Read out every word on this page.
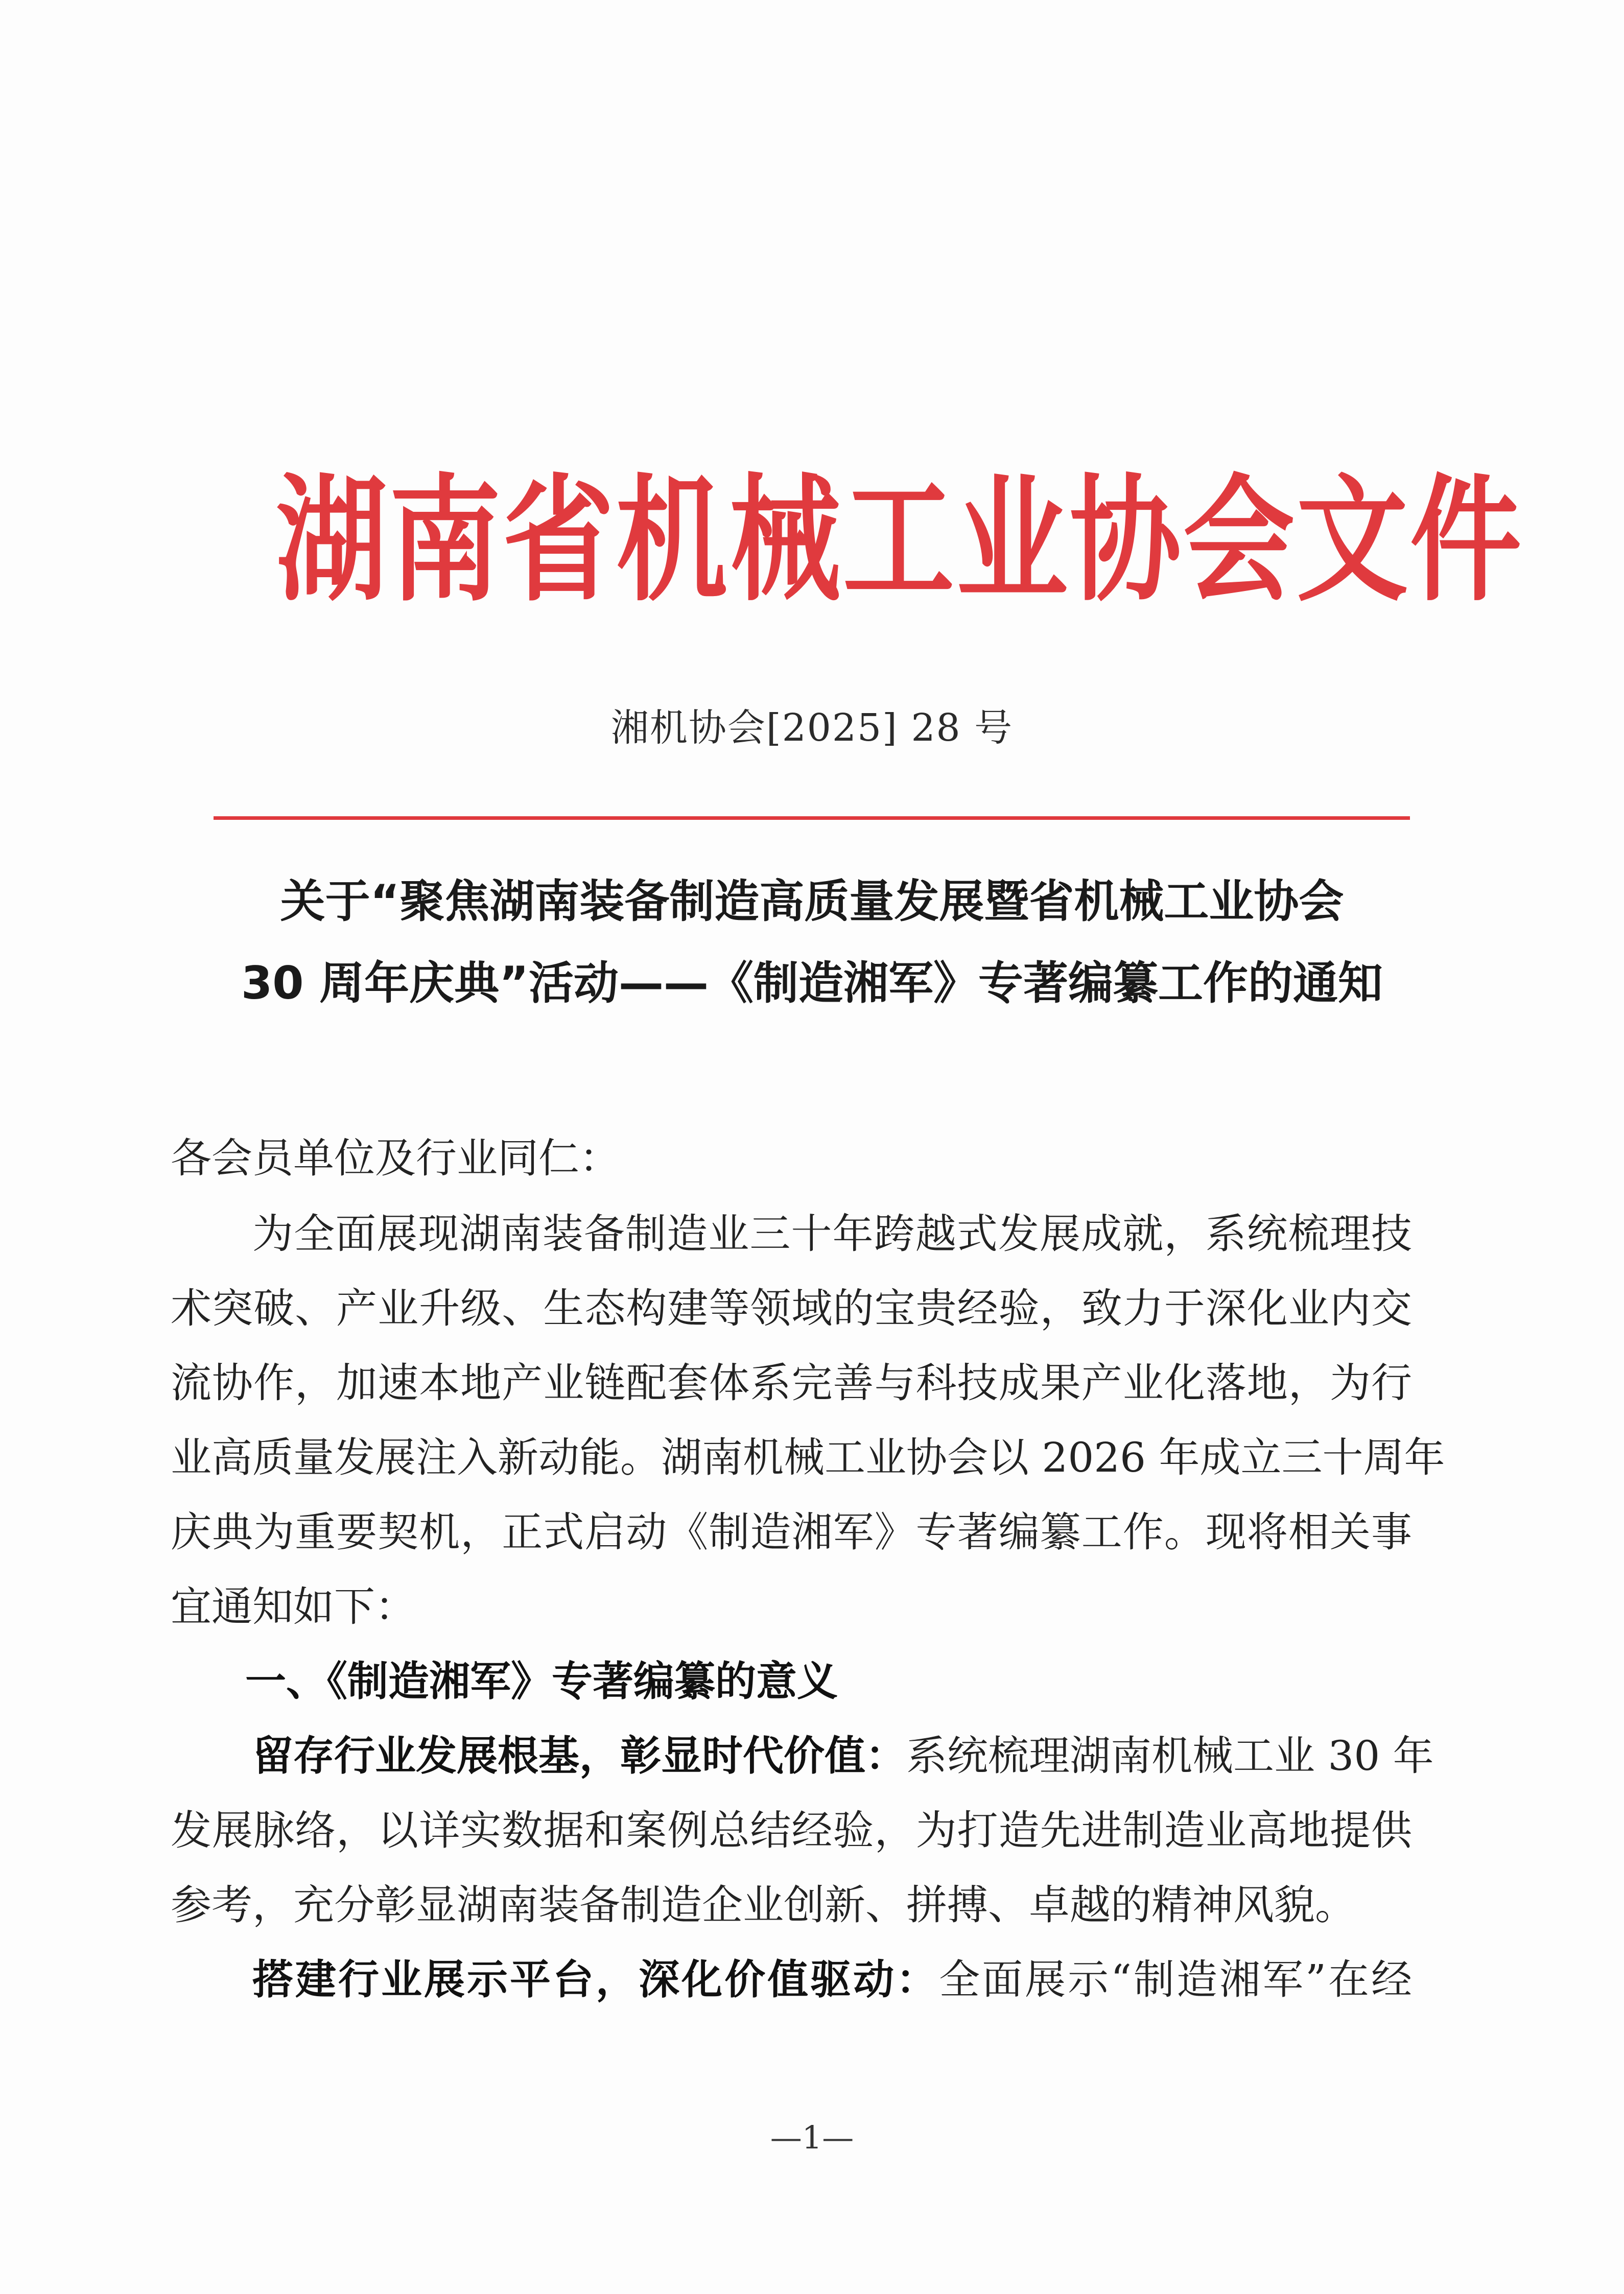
湖南省机械工业协会文件
湘机协会[2025] 28 号
关于“聚焦湖南装备制造高质量发展暨省机械工业协会
30 周年庆典”活动——《制造湘军》专著编纂工作的通知
各会员单位及行业同仁：
为全面展现湖南装备制造业三十年跨越式发展成就，系统梳理技
术突破、产业升级、生态构建等领域的宝贵经验，致力于深化业内交
流协作，加速本地产业链配套体系完善与科技成果产业化落地，为行
业高质量发展注入新动能。湖南机械工业协会以 2026 年成立三十周年
庆典为重要契机，正式启动《制造湘军》专著编纂工作。现将相关事
宜通知如下：
一、《制造湘军》专著编纂的意义
留存行业发展根基，彰显时代价值：系统梳理湖南机械工业 30 年
发展脉络，以详实数据和案例总结经验，为打造先进制造业高地提供
参考，充分彰显湖南装备制造企业创新、拼搏、卓越的精神风貌。
搭建行业展示平台，深化价值驱动：全面展示“制造湘军”在经
—1—
